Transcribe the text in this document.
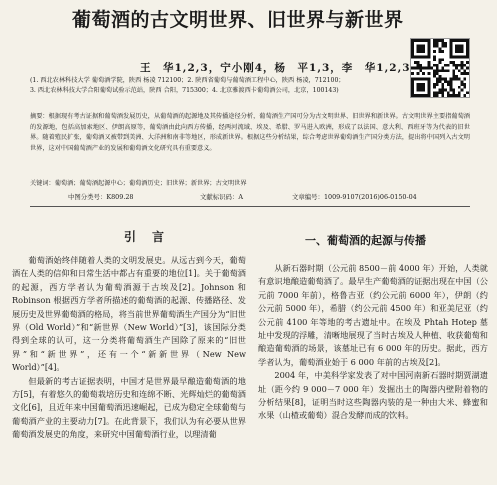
葡萄酒的古文明世界、旧世界与新世界
王　华1,2,3，宁小刚4，杨　平1,3，李　华1,2,3
(1. 西北农林科技大学 葡萄酒学院，陕西 杨凌 712100；2. 陕西省葡萄与葡萄酒工程中心，陕西 杨凌，712100；
3. 西北农林科技大学合阳葡萄试验示范站，陕西 合阳，715300；4. 北京雅渡西卡葡萄酒公司，北京，100143)
摘要：根据现有考古证据和葡萄酒发展历史，从葡萄酒的起源地及其传播途径分析，葡萄酒生产国可分为古文明世界、旧世界和新世界。古文明世界主要指葡萄酒的发源地，包括高加索地区、伊朗高原等，葡萄酒由此向西方传播，经两河流域、埃及、希腊、罗马进入欧洲，形成了以法国、意大利、西班牙等为代表的旧世界。随着殖民扩张，葡萄酒又被带到美洲、大洋洲和南非等地区，形成新世界。根据这些分析结果，综合考虑世界葡萄酒生产国分类方法，提出将中国列入古文明世界，这对中国葡萄酒产业的发展和葡萄酒文化研究具有重要意义。
关键词：葡萄酒；葡萄酒起源中心；葡萄酒历史；旧世界；新世界；古文明世界
中图分类号：K809.28	文献标识码：A	文章编号：1009-9107(2016)06-0150-04
引　言

葡萄酒始终伴随着人类的文明发展史。从远古到今天，葡萄酒在人类的信仰和日常生活中都占有重要的地位[1]。关于葡萄酒的起源，西方学者认为葡萄酒源于古埃及[2]。Johnson 和 Robinson 根据西方学者所描述的葡萄酒的起源、传播路径、发展历史及世界葡萄酒的格局，将当前世界葡萄酒生产国分为“旧世界（Old World）”和“新世界（New World）”[3]，该国际分类得到全球的认可，这一分类将葡萄酒生产国除了原来的“旧世界”和“新世界”，还有一个“新新世界（New New World）”[4]。

但最新的考古证据表明，中国才是世界最早酿造葡萄酒的地方[5]，有着悠久的葡萄栽培历史和连绵不断、光辉灿烂的葡萄酒文化[6]，且近年来中国葡萄酒迅速崛起，已成为稳定全球葡萄与葡萄酒产业的主要动力[7]。在此背景下，我们认为有必要从世界葡萄酒发展史的角度，来研究中国葡萄酒行业，以理清葡

一、葡萄酒的起源与传播

从新石器时期（公元前 8500－前 4000 年）开始，人类就有意识地酿造葡萄酒了。最早生产葡萄酒的证据出现在中国（公元前 7000 年前），格鲁吉亚（约公元前 6000 年），伊朗（约公元前 5000 年），希腊（约公元前 4500 年）和亚美尼亚（约公元前 4100 年等地的考古遗址中。在埃及 Phtah Hotep 墓址中发现的浮雕，清晰地展现了当时古埃及人种植、收获葡萄和酿造葡萄酒的场景，该墓址已有 6 000 年的历史。据此，西方学者认为，葡萄酒业始于 6 000 年前的古埃及[2]。

2004 年，中美科学家发表了对中国河南新石器时期贾湖遗址（距今约 9 000－7 000 年）发掘出土的陶器内壁附着物的分析结果[8]，证明当时这些陶器内装的是一种由大米、蜂蜜和水果（山楂或葡萄）混合发酵而成的饮料。
